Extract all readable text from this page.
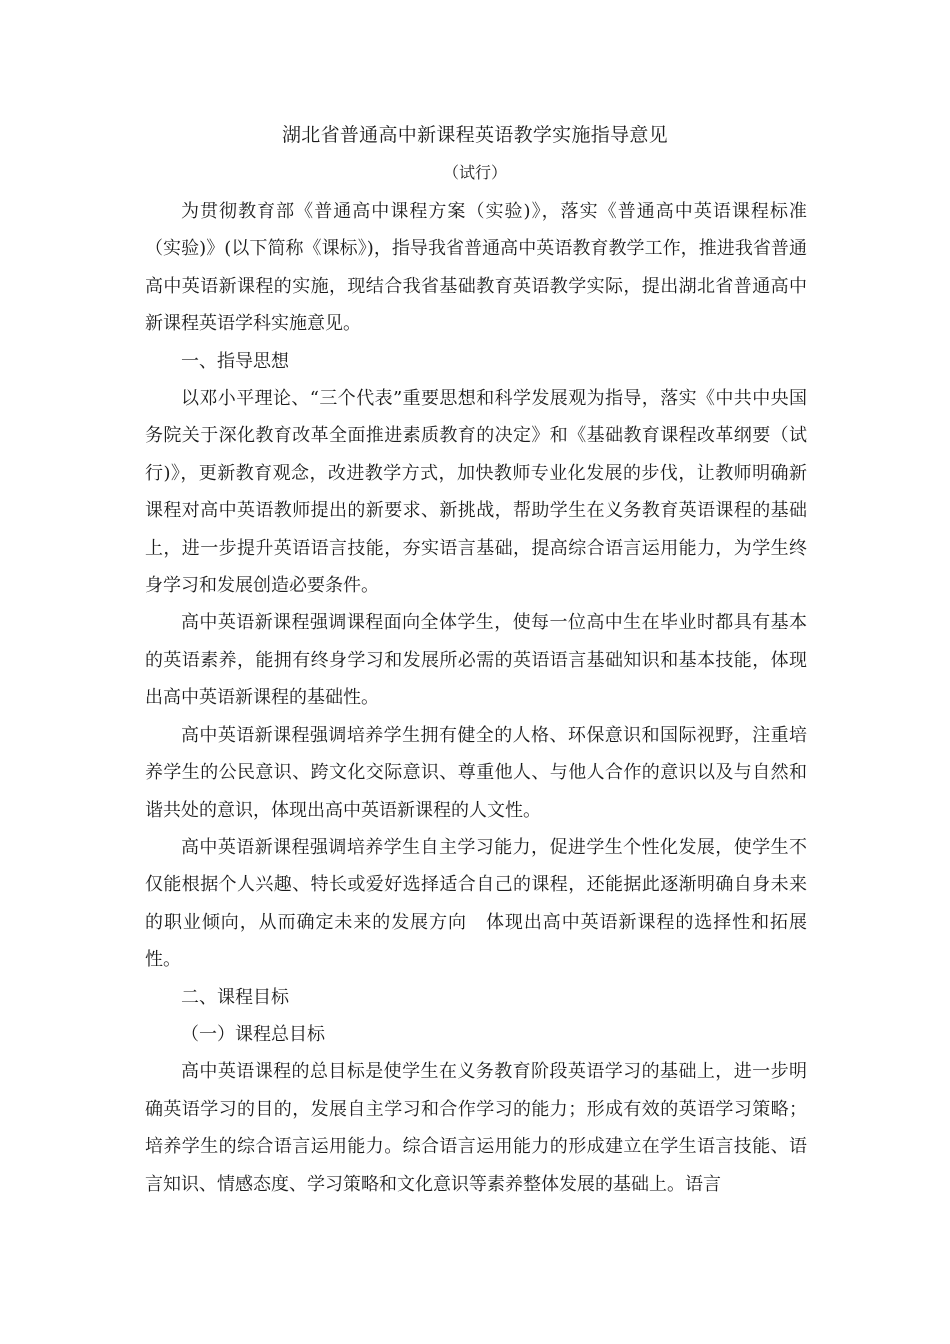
湖北省普通高中新课程英语教学实施指导意见
（试行）

为贯彻教育部《普通高中课程方案（实验)》，落实《普通高中英语课程标准（实验)》(以下简称《课标》)，指导我省普通高中英语教育教学工作，推进我省普通高中英语新课程的实施，现结合我省基础教育英语教学实际，提出湖北省普通高中新课程英语学科实施意见。

一、指导思想

以邓小平理论、“三个代表”重要思想和科学发展观为指导，落实《中共中央国务院关于深化教育改革全面推进素质教育的决定》和《基础教育课程改革纲要（试行)》，更新教育观念，改进教学方式，加快教师专业化发展的步伐，让教师明确新课程对高中英语教师提出的新要求、新挑战，帮助学生在义务教育英语课程的基础上，进一步提升英语语言技能，夯实语言基础，提高综合语言运用能力，为学生终身学习和发展创造必要条件。

高中英语新课程强调课程面向全体学生，使每一位高中生在毕业时都具有基本的英语素养，能拥有终身学习和发展所必需的英语语言基础知识和基本技能，体现出高中英语新课程的基础性。

高中英语新课程强调培养学生拥有健全的人格、环保意识和国际视野，注重培养学生的公民意识、跨文化交际意识、尊重他人、与他人合作的意识以及与自然和谐共处的意识，体现出高中英语新课程的人文性。

高中英语新课程强调培养学生自主学习能力，促进学生个性化发展，使学生不仅能根据个人兴趣、特长或爱好选择适合自己的课程，还能据此逐渐明确自身未来的职业倾向，从而确定未来的发展方向　体现出高中英语新课程的选择性和拓展性。

二、课程目标

（一）课程总目标

高中英语课程的总目标是使学生在义务教育阶段英语学习的基础上，进一步明确英语学习的目的，发展自主学习和合作学习的能力；形成有效的英语学习策略；培养学生的综合语言运用能力。综合语言运用能力的形成建立在学生语言技能、语言知识、情感态度、学习策略和文化意识等素养整体发展的基础上。语言
